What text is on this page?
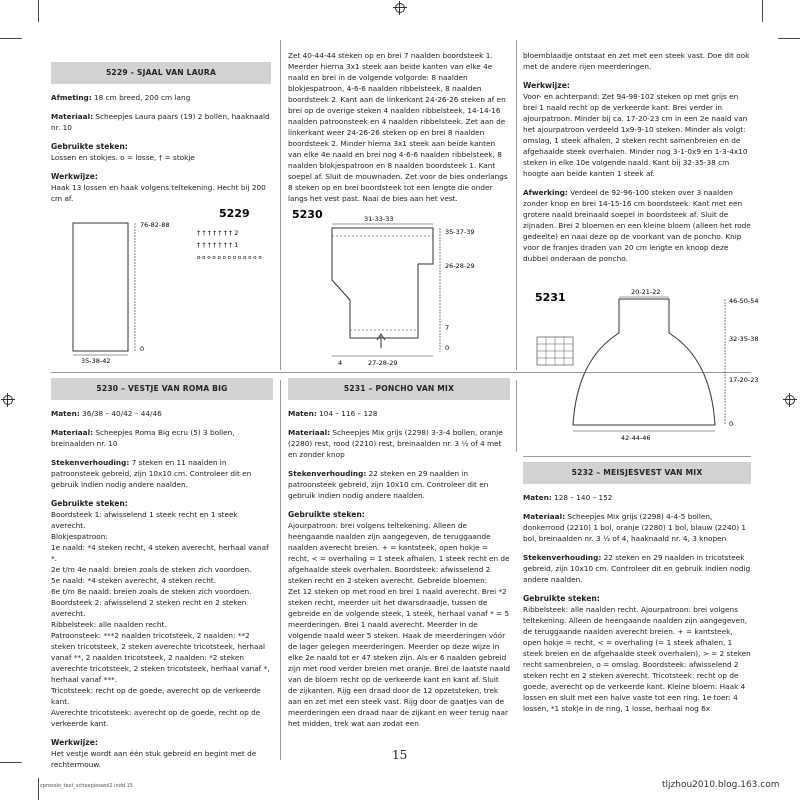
5229 - SJAAL VAN LAURA

Afmeting: 18 cm breed, 200 cm lang

Materiaal: Scheepjes Laura paars (19) 2 bollen, haaknaald nr. 10

Gebruikte steken:

Lossen en stokjes. o = losse, † = stokje

Werkwijze:

Haak 13 lossen en haak volgens teltekening. Hecht bij 200 cm af.

5229
76-82-88
0
35-38-42
† † † † † † † 2
† † † † † † † 1
o o o o o o o o o o o o o
5230 – VESTJE VAN ROMA BIG

Maten: 36/38 – 40/42 – 44/46

Materiaal: Scheepjes Roma Big ecru (5) 3 bollen, breinaalden nr. 10

Stekenverhouding: 7 steken en 11 naalden in patroonsteek gebreid, zijn 10x10 cm. Controleer dit en gebruik indien nodig andere naalden.

Gebruikte steken:

Boordsteek 1: afwisselend 1 steek recht en 1 steek averecht.

Blokjespatroon:

1e naald: *4 steken recht, 4 steken averecht, herhaal vanaf *.

2e t/m 4e naald: breien zoals de steken zich voordoen.

5e naald: *4 steken averecht, 4 steken recht.

6e t/m 8e naald: breien zoals de steken zich voordoen.

Boordsteek 2: afwisselend 2 steken recht en 2 steken averecht.

Ribbelsteek: alle naalden recht.

Patroonsteek: ***2 naalden tricotsteek, 2 naalden: **2 steken tricotsteek, 2 steken averechte tricotsteek, herhaal vanaf **, 2 naalden tricotsteek, 2 naalden: *2 steken averechte tricotsteek, 2 steken tricotsteek, herhaal vanaf *, herhaal vanaf ***.

Tricotsteek: recht op de goede, averecht op de verkeerde kant.

Averechte tricotsteek: averecht op de goede, recht op de verkeerde kant.

Werkwijze:

Het vestje wordt aan één stuk gebreid en begint met de rechtermouw.

Zet 40-44-44 steken op en brei 7 naalden boordsteek 1. Meerder hierna 3x1 steek aan beide kanten van elke 4e naald en brei in de volgende volgorde: 8 naalden blokjespatroon, 4-6-6 naalden ribbelsteek, 8 naalden boordsteek 2. Kant aan de linkerkant 24-26-26 steken af en brei op de overige steken 4 naalden ribbelsteek, 14-14-16 naalden patroonsteek en 4 naalden ribbelsteek. Zet aan de linkerkant weer 24-26-26 steken op en brei 8 naalden boordsteek 2. Minder hierna 3x1 steek aan beide kanten van elke 4e naald en brei nog 4-6-6 naalden ribbelsteek, 8 naalden blokjespatroon en 8 naalden boordsteek 1. Kant soepel af. Sluit de mouwnaden. Zet voor de bies onderlangs 8 steken op en brei boordsteek tot een lengte die onder langs het vest past. Naai de bies aan het vest.

5230	31-33-33
35-37-39
26-28-29
7
0
4	27-28-29
5231 – PONCHO VAN MIX

Maten: 104 – 116 – 128

Materiaal: Scheepjes Mix grijs (2298) 3-3-4 bollen, oranje (2280) rest, rood (2210) rest, breinaalden nr. 3 ½ of 4 met en zonder knop

Stekenverhouding: 22 steken en 29 naalden in patroonsteek gebreid, zijn 10x10 cm. Controleer dit en gebruik indien nodig andere naalden.

Gebruikte steken:

Ajourpatroon: brei volgens teltekening. Alleen de heengaande naalden zijn aangegeven, de teruggaande naalden averecht breien. + = kantsteek, open hokje = recht, < = overhaling = 1 steek afhalen, 1 steek recht en de afgehaalde steek overhalen. Boordsteek: afwisselend 2 steken recht en 2 steken averecht. Gebreide bloemen:

Zet 12 steken op met rood en brei 1 naald averecht. Brei *2 steken recht, meerder uit het dwarsdraadje, tussen de gebreide en de volgende steek, 1 steek, herhaal vanaf * = 5 meerderingen. Brei 1 naald averecht. Meerder in de volgende naald weer 5 steken. Haak de meerderingen vóór de lager gelegen meerderingen. Meerder op deze wijze in elke 2e naald tot er 47 steken zijn. Als er 6 naalden gebreid zijn met rood verder breien met oranje. Brei de laatste naald van de bloem recht op de verkeerde kant en kant af. Sluit de zijkanten. Rijg een draad door de 12 opzetsteken, trek aan en zet met een steek vast. Rijg door de gaatjes van de meerderingen een draad naar de zijkant en weer terug naar het midden, trek wat aan zodat een

bloemblaadje ontstaat en zet met een steek vast. Doe dit ook met de andere rijen meerderingen.

Werkwijze:

Voor- en achterpand: Zet 94-98-102 steken op met grijs en brei 1 naald recht op de verkeerde kant. Brei verder in ajourpatroon. Minder bij ca. 17-20-23 cm in een 2e naald van het ajourpatroon verdeeld 1x9-9-10 steken. Minder als volgt: omslag, 1 steek afhalen, 2 steken recht samenbreien en de afgehaalde steek overhalen. Minder nog 3-1-0x9 en 1-3-4x10 steken in elke 10e volgende naald. Kant bij 32-35-38 cm hoogte aan beide kanten 1 steek af.

Afwerking: Verdeel de 92-96-100 steken over 3 naalden zonder knop en brei 14-15-16 cm boordsteek. Kant met een grotere naald breinaald soepel in boordsteek af. Sluit de zijnaden. Brei 2 bloemen en een kleine bloem (alleen het rode gedeelte) en naai deze op de voorkant van de poncho. Knip voor de franjes draden van 20 cm lengte en knoop deze dubbel onderaan de poncho.

5231	20-21-22
46-50-54
32-35-38
17-20-23
0
42-44-46
5232 – MEISJESVEST VAN MIX

Maten: 128 – 140 – 152

Materiaal: Scheepjes Mix grijs (2298) 4-4-5 bollen, donkerrood (2210) 1 bol, oranje (2280) 1 bol, blauw (2240) 1 bol, breinaalden nr. 3 ½ of 4, haaknaald nr. 4, 3 knopen

Stekenverhouding: 22 steken en 29 naalden in tricotsteek gebreid, zijn 10x10 cm. Controleer dit en gebruik indien nodig andere naalden.

Gebruikte steken:

Ribbelsteek: alle naalden recht. Ajourpatroon: brei volgens teltekening. Alleen de heengaande naalden zijn aangegeven, de teruggaande naalden averecht breien. + = kantsteek, open hokje = recht, < = overhaling (= 1 steek afhalen, 1 steek breien en de afgehaalde steek overhalen), > = 2 steken recht samenbreien, o = omslag. Boordsteek: afwisselend 2 steken recht en 2 steken averecht. Tricotsteek: recht op de goede, averecht op de verkeerde kant. Kleine bloem: Haak 4 lossen en sluit met een halve vaste tot een ring. 1e toer: 4 lossen, *1 stokje in de ring, 1 losse, herhaal nog 6x

15
cprosolo_text_scheepjeswol2.indd 15	tljzhou2010.blog.163.com
